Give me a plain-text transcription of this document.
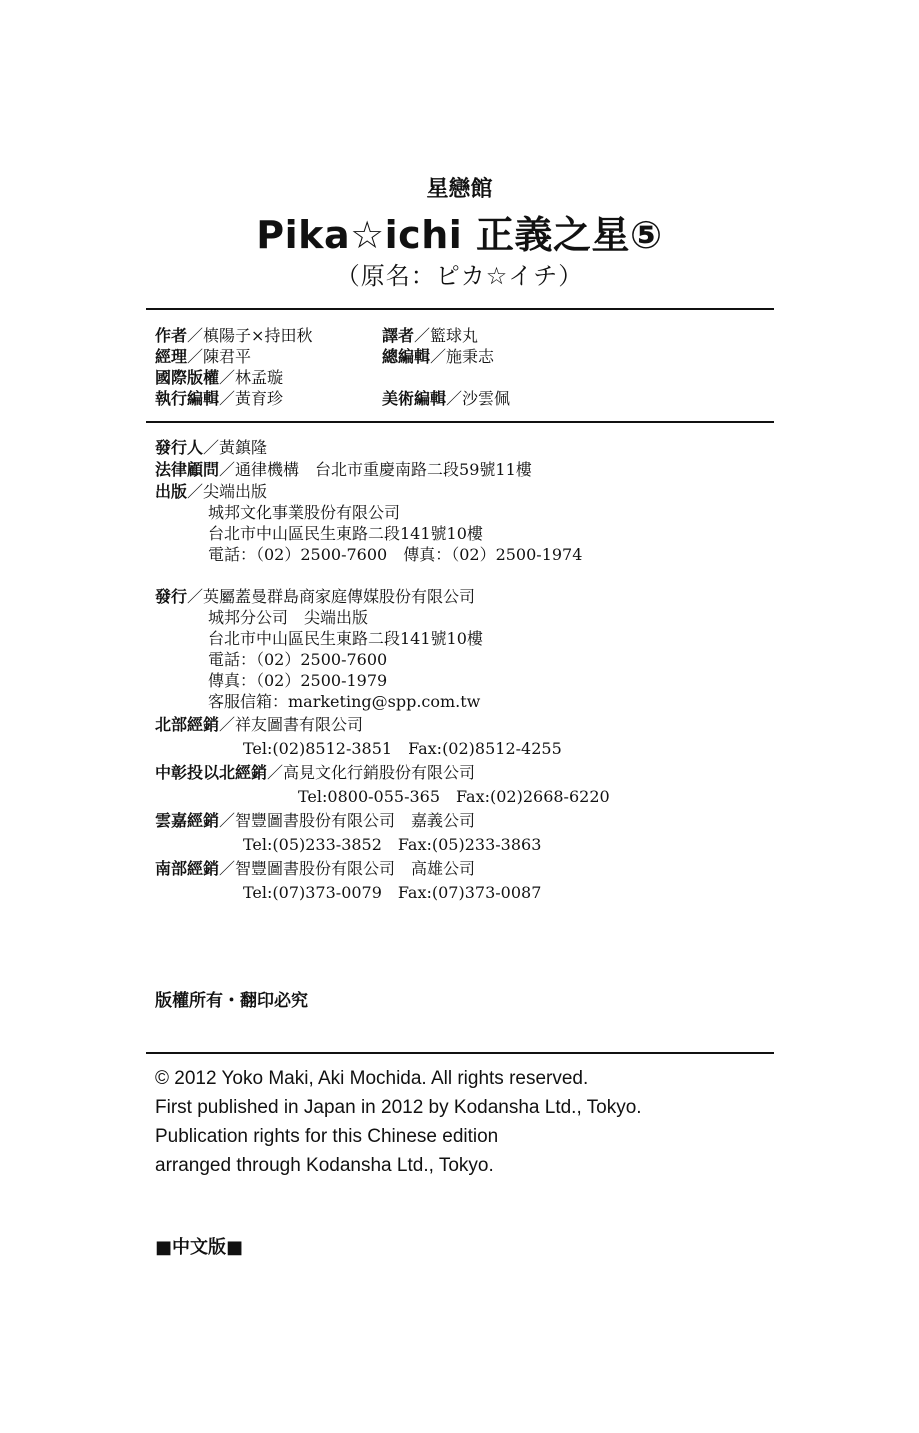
星戀館
Pika☆ichi 正義之星⑤
（原名：ピカ☆イチ）
作者／槙陽子×持田秋	譯者／籃球丸
經理／陳君平	總編輯／施秉志
國際版權／林孟璇
執行編輯／黃育珍	美術編輯／沙雲佩
發行人／黃鎮隆
法律顧問／通律機構　台北市重慶南路二段59號11樓
出版／尖端出版
城邦文化事業股份有限公司
台北市中山區民生東路二段141號10樓
電話：（02）2500-7600　傳真：（02）2500-1974
發行／英屬蓋曼群島商家庭傳媒股份有限公司
城邦分公司　尖端出版
台北市中山區民生東路二段141號10樓
電話：（02）2500-7600
傳真：（02）2500-1979
客服信箱：marketing@spp.com.tw
北部經銷／祥友圖書有限公司
Tel:(02)8512-3851　Fax:(02)8512-4255
中彰投以北經銷／高見文化行銷股份有限公司
Tel:0800-055-365　Fax:(02)2668-6220
雲嘉經銷／智豐圖書股份有限公司　嘉義公司
Tel:(05)233-3852　Fax:(05)233-3863
南部經銷／智豐圖書股份有限公司　高雄公司
Tel:(07)373-0079　Fax:(07)373-0087
版權所有・翻印必究
© 2012 Yoko Maki, Aki Mochida. All rights reserved.
First published in Japan in 2012 by Kodansha Ltd., Tokyo.
Publication rights for this Chinese edition
arranged through Kodansha Ltd., Tokyo.
■中文版■
